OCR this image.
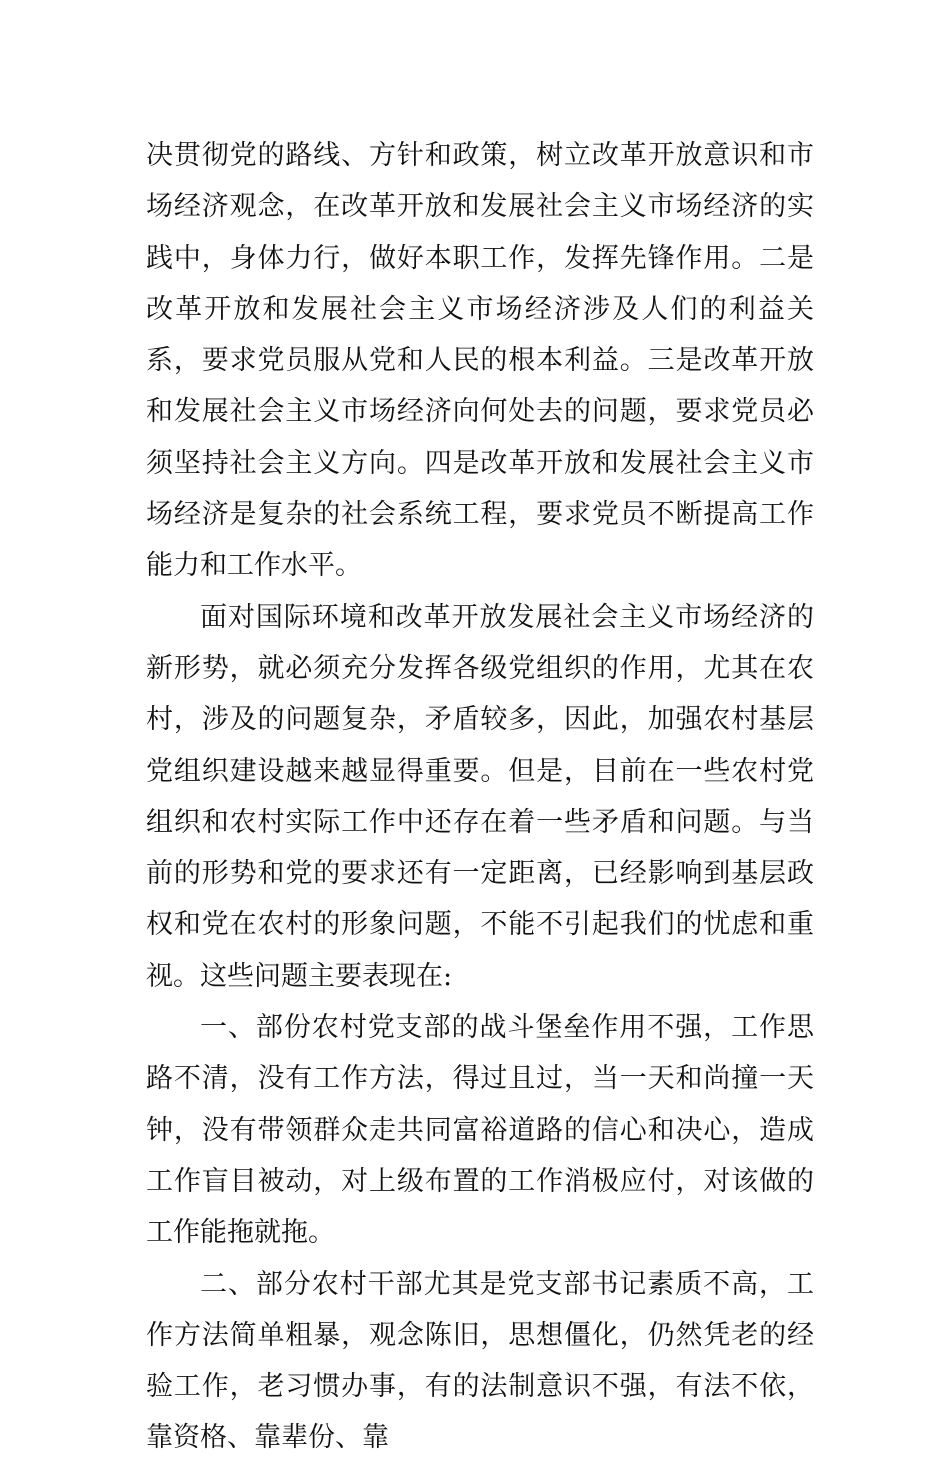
决贯彻党的路线、方针和政策，树立改革开放意识和市场经济观念，在改革开放和发展社会主义市场经济的实践中，身体力行，做好本职工作，发挥先锋作用。二是改革开放和发展社会主义市场经济涉及人们的利益关系，要求党员服从党和人民的根本利益。三是改革开放和发展社会主义市场经济向何处去的问题，要求党员必须坚持社会主义方向。四是改革开放和发展社会主义市场经济是复杂的社会系统工程，要求党员不断提高工作能力和工作水平。

面对国际环境和改革开放发展社会主义市场经济的新形势，就必须充分发挥各级党组织的作用，尤其在农村，涉及的问题复杂，矛盾较多，因此，加强农村基层党组织建设越来越显得重要。但是，目前在一些农村党组织和农村实际工作中还存在着一些矛盾和问题。与当前的形势和党的要求还有一定距离，已经影响到基层政权和党在农村的形象问题，不能不引起我们的忧虑和重视。这些问题主要表现在:

一、部份农村党支部的战斗堡垒作用不强，工作思路不清，没有工作方法，得过且过，当一天和尚撞一天钟，没有带领群众走共同富裕道路的信心和决心，造成工作盲目被动，对上级布置的工作消极应付，对该做的工作能拖就拖。

二、部分农村干部尤其是党支部书记素质不高，工作方法简单粗暴，观念陈旧，思想僵化，仍然凭老的经验工作，老习惯办事，有的法制意识不强，有法不依，靠资格、靠辈份、靠
